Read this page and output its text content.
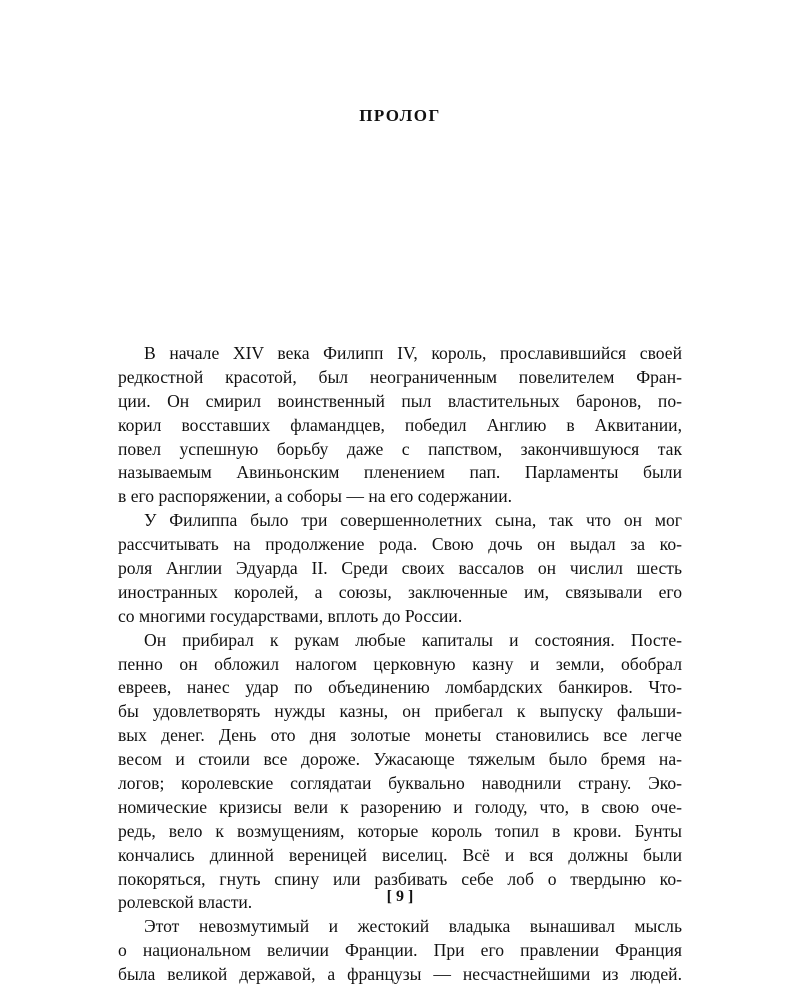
ПРОЛОГ
В начале XIV века Филипп IV, король, прославившийся своей
редкостной красотой, был неограниченным повелителем Фран-
ции. Он смирил воинственный пыл властительных баронов, по-
корил восставших фламандцев, победил Англию в Аквитании,
повел успешную борьбу даже с папством, закончившуюся так
называемым Авиньонским пленением пап. Парламенты были
в его распоряжении, а соборы — на его содержании.
У Филиппа было три совершеннолетних сына, так что он мог
рассчитывать на продолжение рода. Свою дочь он выдал за ко-
роля Англии Эдуарда II. Среди своих вассалов он числил шесть
иностранных королей, а союзы, заключенные им, связывали его
со многими государствами, вплоть до России.
Он прибирал к рукам любые капиталы и состояния. Посте-
пенно он обложил налогом церковную казну и земли, обобрал
евреев, нанес удар по объединению ломбардских банкиров. Что-
бы удовлетворять нужды казны, он прибегал к выпуску фальши-
вых денег. День ото дня золотые монеты становились все легче
весом и стоили все дороже. Ужасающе тяжелым было бремя на-
логов; королевские соглядатаи буквально наводнили страну. Эко-
номические кризисы вели к разорению и голоду, что, в свою оче-
редь, вело к возмущениям, которые король топил в крови. Бунты
кончались длинной вереницей виселиц. Всё и вся должны были
покоряться, гнуть спину или разбивать себе лоб о твердыню ко-
ролевской власти.
Этот невозмутимый и жестокий владыка вынашивал мысль
о национальном величии Франции. При его правлении Франция
была великой державой, а французы — несчастнейшими из людей.
[ 9 ]
